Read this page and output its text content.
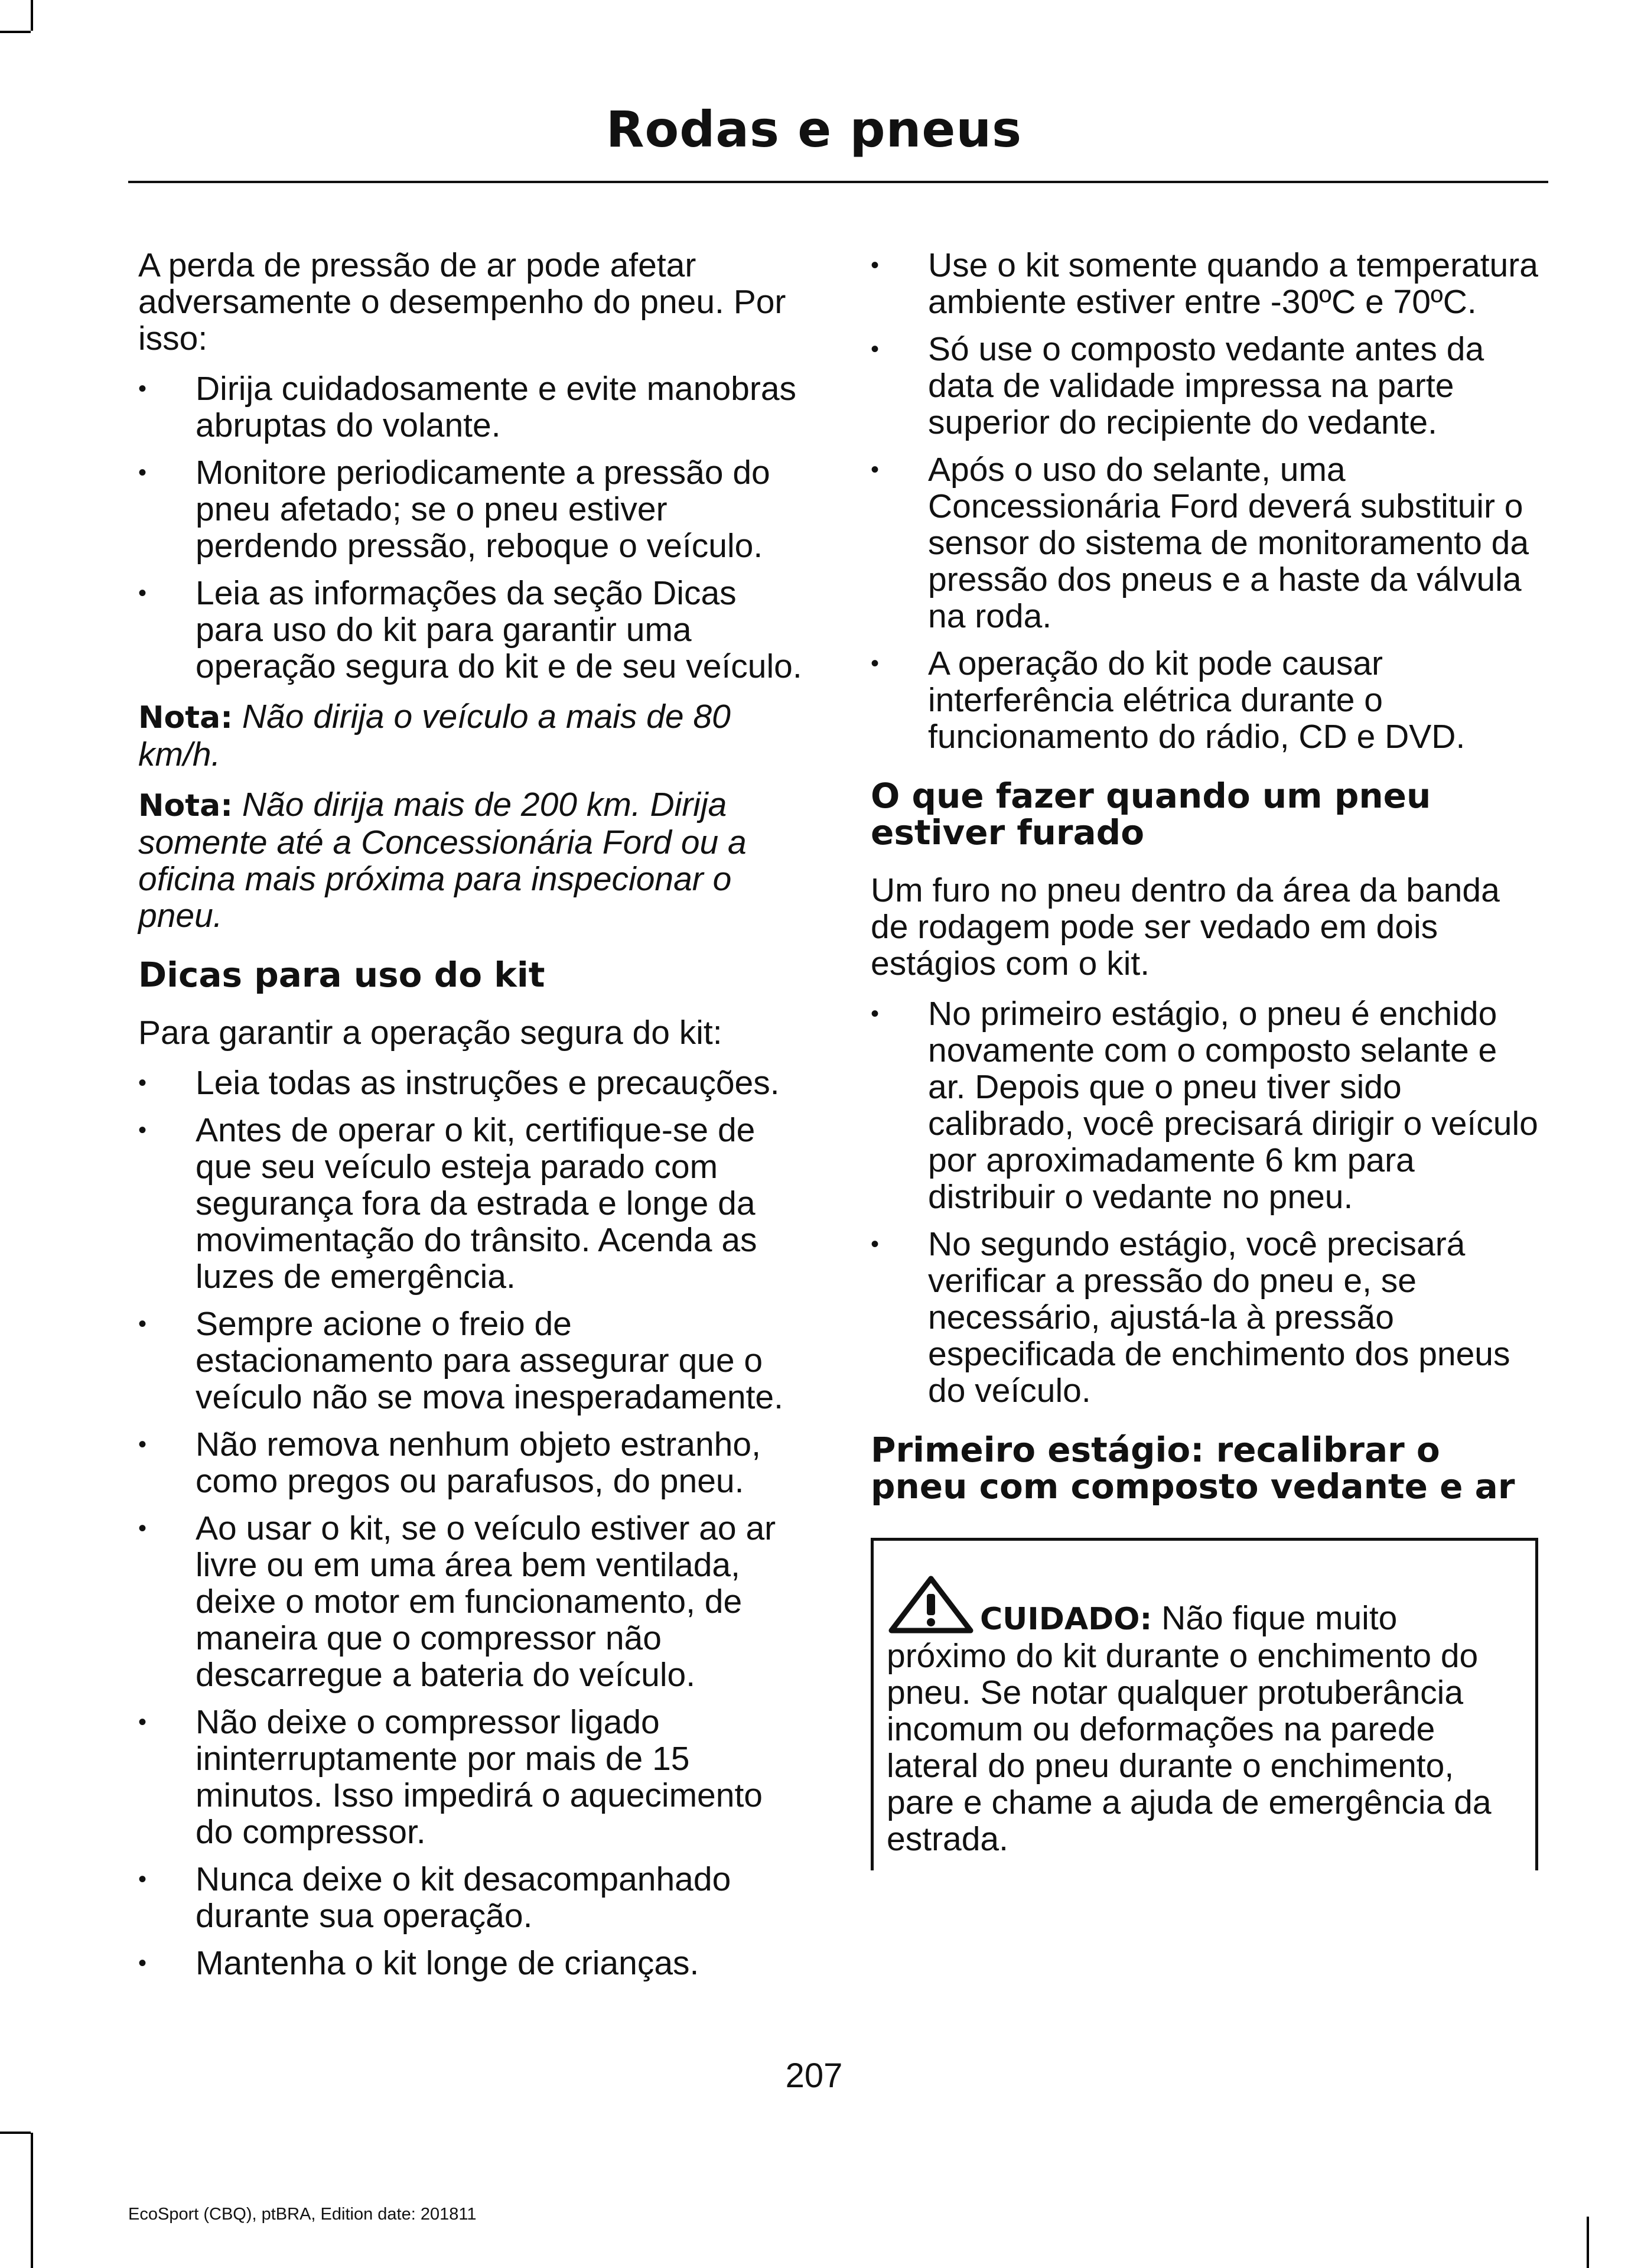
Rodas e pneus

A perda de pressão de ar pode afetar adversamente o desempenho do pneu. Por isso:

• Dirija cuidadosamente e evite manobras abruptas do volante.
• Monitore periodicamente a pressão do pneu afetado; se o pneu estiver perdendo pressão, reboque o veículo.
• Leia as informações da seção Dicas para uso do kit para garantir uma operação segura do kit e de seu veículo.

Nota: Não dirija o veículo a mais de 80 km/h.

Nota: Não dirija mais de 200 km. Dirija somente até a Concessionária Ford ou a oficina mais próxima para inspecionar o pneu.

Dicas para uso do kit

Para garantir a operação segura do kit:

• Leia todas as instruções e precauções.
• Antes de operar o kit, certifique-se de que seu veículo esteja parado com segurança fora da estrada e longe da movimentação do trânsito. Acenda as luzes de emergência.
• Sempre acione o freio de estacionamento para assegurar que o veículo não se mova inesperadamente.
• Não remova nenhum objeto estranho, como pregos ou parafusos, do pneu.
• Ao usar o kit, se o veículo estiver ao ar livre ou em uma área bem ventilada, deixe o motor em funcionamento, de maneira que o compressor não descarregue a bateria do veículo.
• Não deixe o compressor ligado ininterruptamente por mais de 15 minutos. Isso impedirá o aquecimento do compressor.
• Nunca deixe o kit desacompanhado durante sua operação.
• Mantenha o kit longe de crianças.
• Use o kit somente quando a temperatura ambiente estiver entre -30ºC e 70ºC.
• Só use o composto vedante antes da data de validade impressa na parte superior do recipiente do vedante.
• Após o uso do selante, uma Concessionária Ford deverá substituir o sensor do sistema de monitoramento da pressão dos pneus e a haste da válvula na roda.
• A operação do kit pode causar interferência elétrica durante o funcionamento do rádio, CD e DVD.
O que fazer quando um pneu estiver furado

Um furo no pneu dentro da área da banda de rodagem pode ser vedado em dois estágios com o kit.

• No primeiro estágio, o pneu é enchido novamente com o composto selante e ar. Depois que o pneu tiver sido calibrado, você precisará dirigir o veículo por aproximadamente 6 km para distribuir o vedante no pneu.
• No segundo estágio, você precisará verificar a pressão do pneu e, se necessário, ajustá-la à pressão especificada de enchimento dos pneus do veículo.
Primeiro estágio: recalibrar o pneu com composto vedante e ar
CUIDADO: Não fique muito próximo do kit durante o enchimento do pneu. Se notar qualquer protuberância incomum ou deformações na parede lateral do pneu durante o enchimento, pare e chame a ajuda de emergência da estrada.
207
EcoSport (CBQ), ptBRA, Edition date: 201811
